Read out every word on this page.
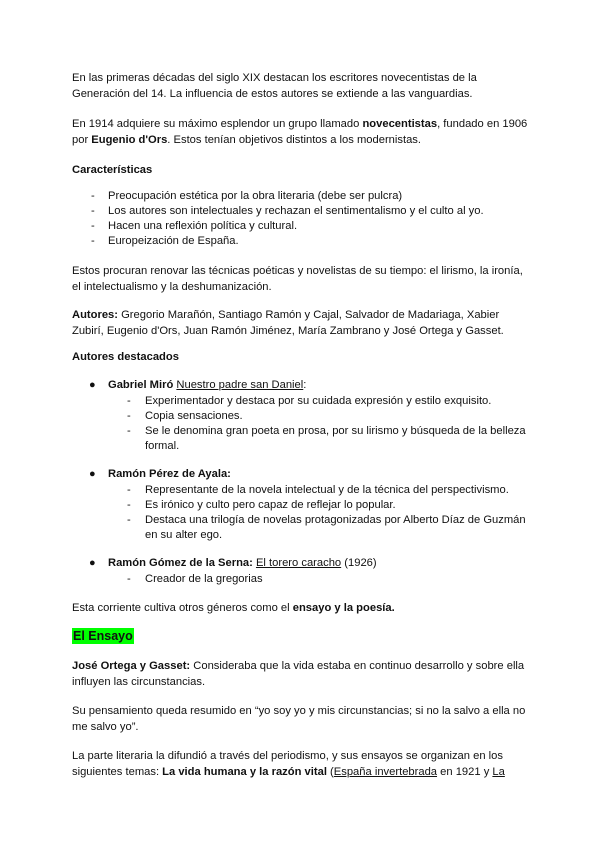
En las primeras décadas del siglo XIX destacan los escritores novecentistas de la
Generación del 14. La influencia de estos autores se extiende a las vanguardias.
En 1914 adquiere su máximo esplendor un grupo llamado novecentistas, fundado en 1906
por Eugenio d'Ors. Estos tenían objetivos distintos a los modernistas.
Características
- Preocupación estética por la obra literaria (debe ser pulcra)
- Los autores son intelectuales y rechazan el sentimentalismo y el culto al yo.
- Hacen una reflexión política y cultural.
- Europeización de España.
Estos procuran renovar las técnicas poéticas y novelistas de su tiempo: el lirismo, la ironía,
el intelectualismo y la deshumanización.
Autores: Gregorio Marañón, Santiago Ramón y Cajal, Salvador de Madariaga, Xabier
Zubirí, Eugenio d'Ors, Juan Ramón Jiménez, María Zambrano y José Ortega y Gasset.
Autores destacados
● Gabriel Miró Nuestro padre san Daniel:
- Experimentador y destaca por su cuidada expresión y estilo exquisito.
- Copia sensaciones.
- Se le denomina gran poeta en prosa, por su lirismo y búsqueda de la belleza
formal.
● Ramón Pérez de Ayala:
- Representante de la novela intelectual y de la técnica del perspectivismo.
- Es irónico y culto pero capaz de reflejar lo popular.
- Destaca una trilogía de novelas protagonizadas por Alberto Díaz de Guzmán
en su alter ego.
● Ramón Gómez de la Serna: El torero caracho (1926)
- Creador de la gregorias
Esta corriente cultiva otros géneros como el ensayo y la poesía.
El Ensayo
José Ortega y Gasset: Consideraba que la vida estaba en continuo desarrollo y sobre ella
influyen las circunstancias.
Su pensamiento queda resumido en “yo soy yo y mis circunstancias; si no la salvo a ella no
me salvo yo”.
La parte literaria la difundió a través del periodismo, y sus ensayos se organizan en los
siguientes temas: La vida humana y la razón vital (España invertebrada en 1921 y La
